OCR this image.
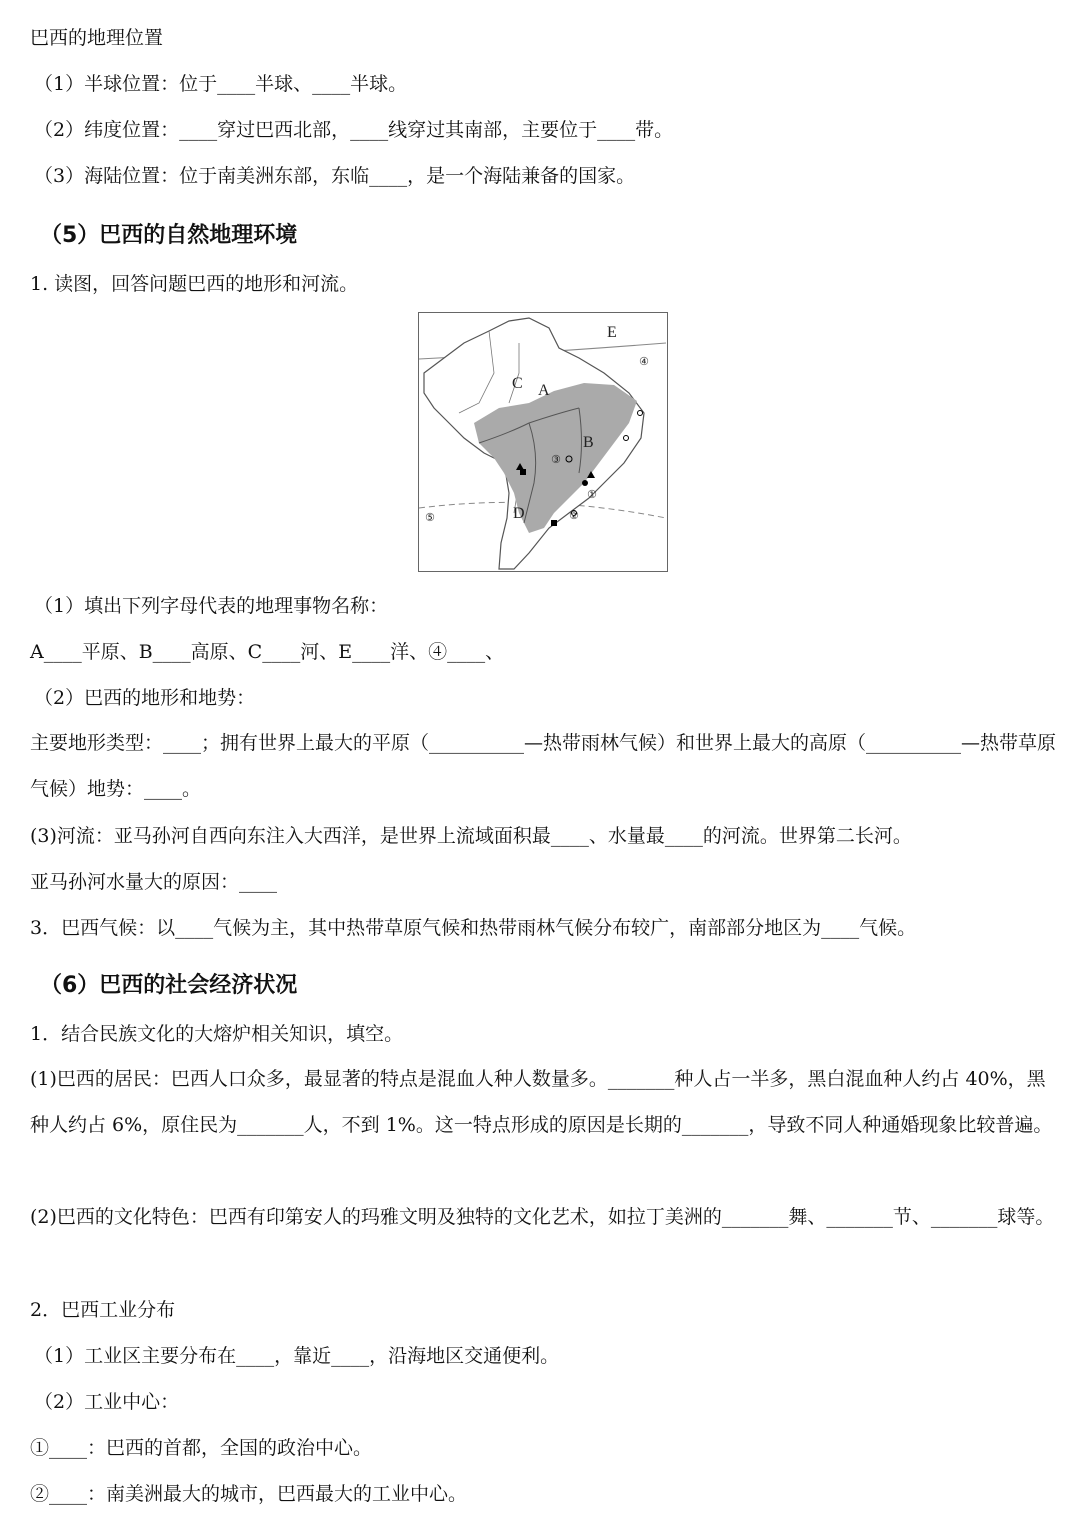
巴西的地理位置
（1）半球位置：位于____半球、____半球。
（2）纬度位置：____穿过巴西北部，____线穿过其南部，主要位于____带。
（3）海陆位置：位于南美洲东部，东临____，是一个海陆兼备的国家。
（5）巴西的自然地理环境
1. 读图，回答问题巴西的地形和河流。
E
C A
B
D
④
⑤
③
①
②
（1）填出下列字母代表的地理事物名称：
A____平原、B____高原、C____河、E____洋、④____、
（2）巴西的地形和地势：
主要地形类型：____；拥有世界上最大的平原（__________—热带雨林气候）和世界上最大的高原（__________—热带草原气候）地势：____。
(3)河流：亚马孙河自西向东注入大西洋，是世界上流域面积最____、水量最____的河流。世界第二长河。
亚马孙河水量大的原因：____
3．巴西气候：以____气候为主，其中热带草原气候和热带雨林气候分布较广，南部部分地区为____气候。
（6）巴西的社会经济状况
1．结合民族文化的大熔炉相关知识，填空。
(1)巴西的居民：巴西人口众多，最显著的特点是混血人种人数量多。_______种人占一半多，黑白混血种人约占 40%，黑种人约占 6%，原住民为_______人，不到 1%。这一特点形成的原因是长期的_______，导致不同人种通婚现象比较普遍。
(2)巴西的文化特色：巴西有印第安人的玛雅文明及独特的文化艺术，如拉丁美洲的_______舞、_______节、_______球等。
2．巴西工业分布
（1）工业区主要分布在____，靠近____，沿海地区交通便利。
（2）工业中心：
①____：巴西的首都，全国的政治中心。
②____：南美洲最大的城市，巴西最大的工业中心。
